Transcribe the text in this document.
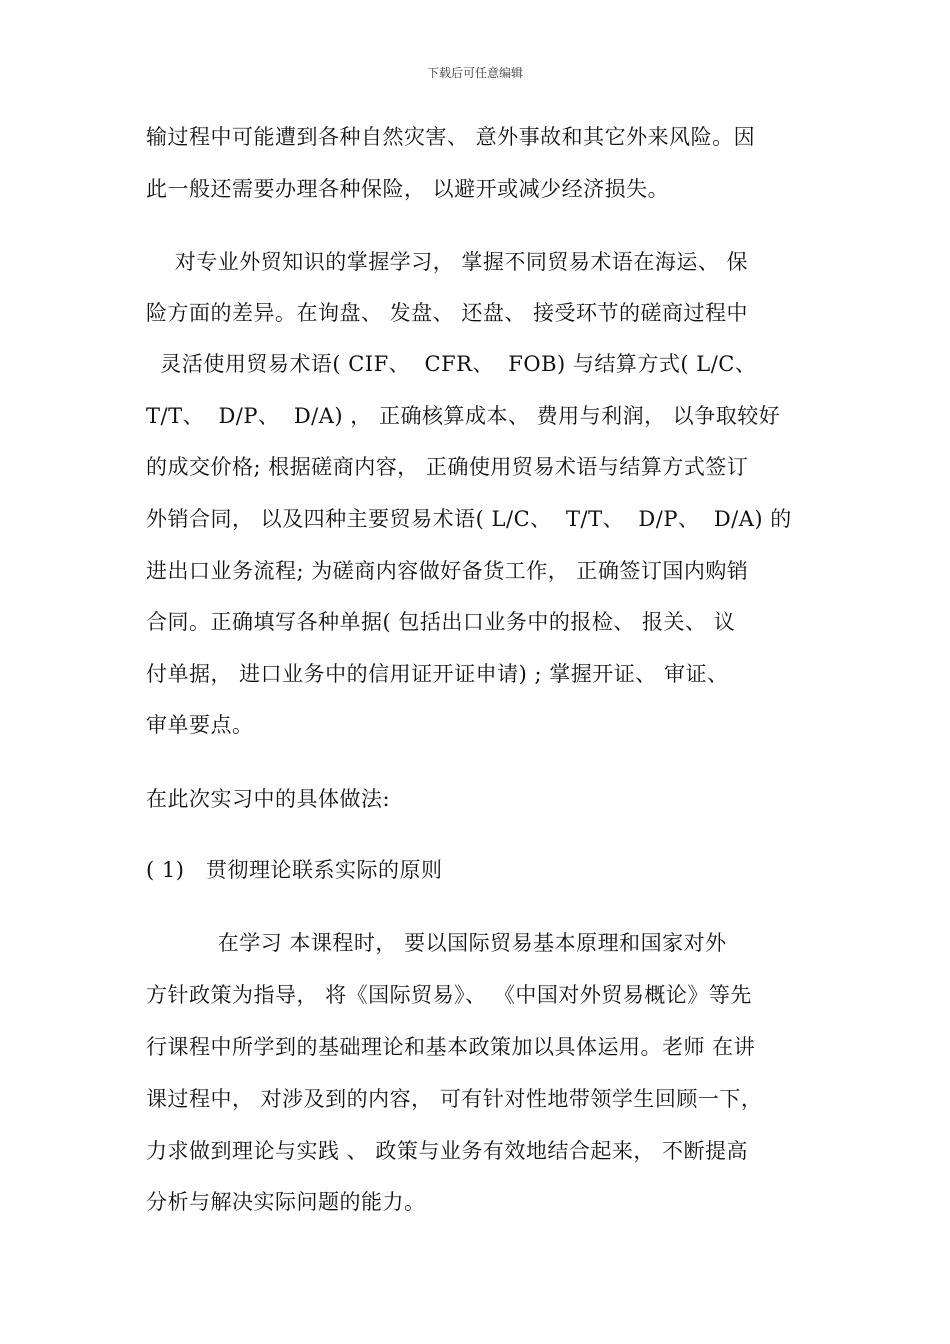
下载后可任意编辑
输过程中可能遭到各种自然灾害、 意外事故和其它外来风险。因
此一般还需要办理各种保险， 以避开或减少经济损失。
对专业外贸知识的掌握学习， 掌握不同贸易术语在海运、 保
险方面的差异。在询盘、 发盘、 还盘、 接受环节的磋商过程中
灵活使用贸易术语( CIF、  CFR、  FOB) 与结算方式( L/C、
T/T、  D/P、  D/A) ， 正确核算成本、 费用与利润， 以争取较好
的成交价格; 根据磋商内容， 正确使用贸易术语与结算方式签订
外销合同， 以及四种主要贸易术语( L/C、  T/T、  D/P、  D/A) 的
进出口业务流程; 为磋商内容做好备货工作， 正确签订国内购销
合同。正确填写各种单据( 包括出口业务中的报检、 报关、 议
付单据， 进口业务中的信用证开证申请) ; 掌握开证、 审证、
审单要点。
在此次实习中的具体做法:
( 1)   贯彻理论联系实际的原则
在学习 本课程时， 要以国际贸易基本原理和国家对外
方针政策为指导， 将《国际贸易》、 《中国对外贸易概论》等先
行课程中所学到的基础理论和基本政策加以具体运用。老师 在讲
课过程中， 对涉及到的内容， 可有针对性地带领学生回顾一下，
力求做到理论与实践 、 政策与业务有效地结合起来， 不断提高
分析与解决实际问题的能力。
